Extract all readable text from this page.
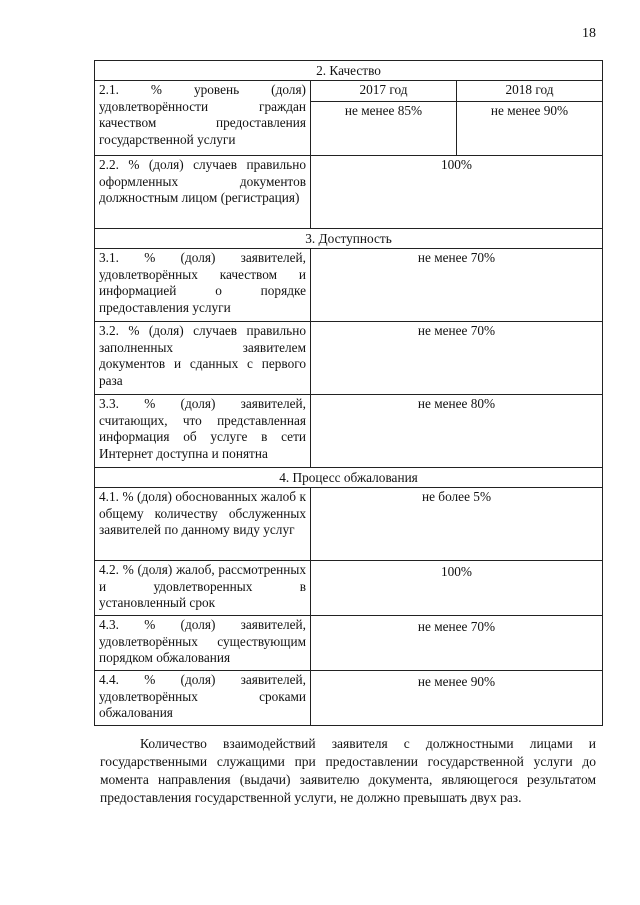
18
2. Качество		
2.1. % уровень (доля) удовлетворённости граждан качеством предоставления государственной услуги	2017 год	2018 год
	не менее 85%	не менее 90%
2.2. % (доля) случаев правильно оформленных документов должностным лицом (регистрация)	100%	
3. Доступность		
3.1. % (доля) заявителей, удовлетворённых качеством и информацией о порядке предоставления услуги	не менее 70%	
3.2. % (доля) случаев правильно заполненных заявителем документов и сданных с первого раза	не менее 70%	
3.3. % (доля) заявителей, считающих, что представленная информация об услуге в сети Интернет доступна и понятна	не менее 80%	
4. Процесс обжалования		
4.1. % (доля) обоснованных жалоб к общему количеству обслуженных заявителей по данному виду услуг	не более 5%	
4.2. % (доля) жалоб, рассмотренных и удовлетворенных в установленный срок	100%	
4.3. % (доля) заявителей, удовлетворённых существующим порядком обжалования	не менее 70%	
4.4. % (доля) заявителей, удовлетворённых сроками обжалования	не менее 90%	

Количество взаимодействий заявителя с должностными лицами и государственными служащими при предоставлении государственной услуги до момента направления (выдачи) заявителю документа, являющегося результатом предоставления государственной услуги, не должно превышать двух раз.
